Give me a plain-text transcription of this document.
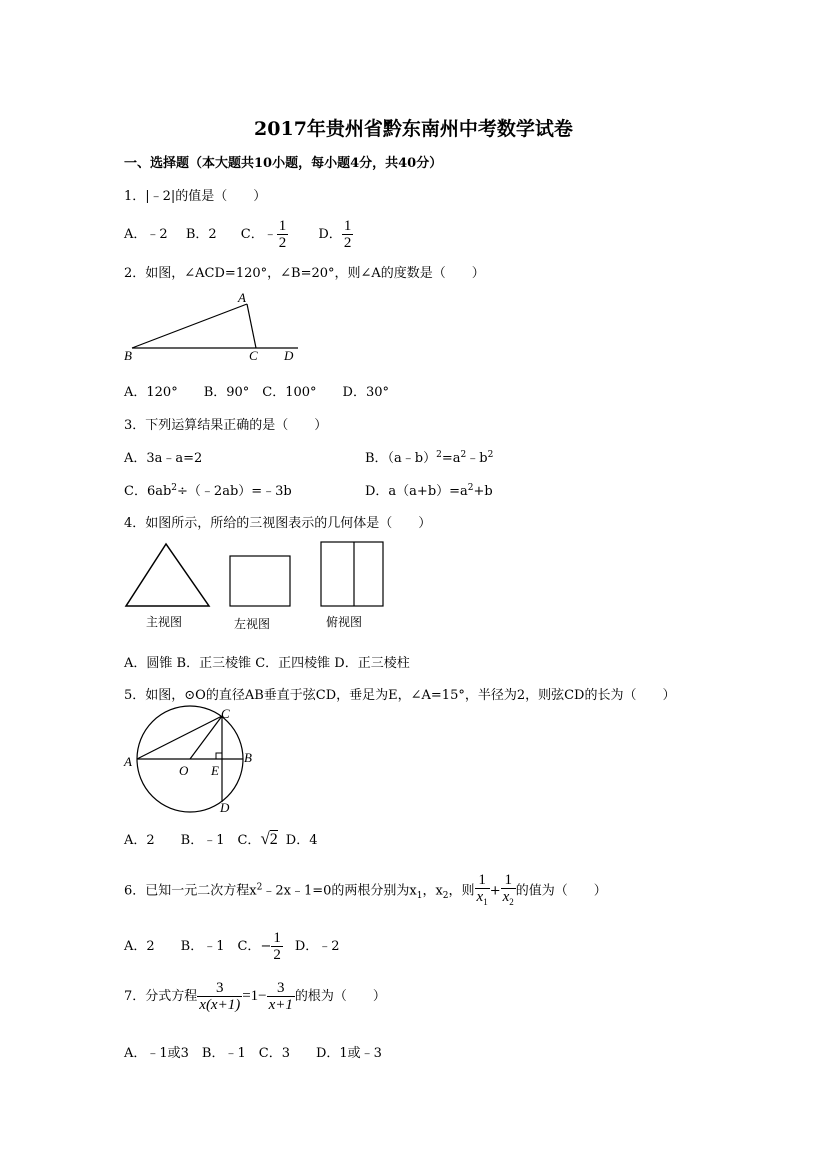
2017年贵州省黔东南州中考数学试卷
一、选择题（本大题共10小题，每小题4分，共40分）
1．|﹣2|的值是（　　）
A．﹣2 B．2 C．﹣ $\frac{1}{2}$ D． $\frac{1}{2}$
2．如图，∠ACD=120°，∠B=20°，则∠A的度数是（　　）
A
B	C D
A．120°　　B．90°　C．100°　　D．30°
3．下列运算结果正确的是（　　）
A．3a﹣a=2	B．$(a﹣b)^2=a^2﹣b^2$
C．$6ab^2\div(﹣2ab)=﹣3b$	D．$a(a+b)=a^2+b$
4．如图所示，所给的三视图表示的几何体是（　　）
主视图	左视图	俯视图
A．圆锥 B．正三棱锥 C．正四棱锥 D．正三棱柱
5．如图，⊙O的直径AB垂直于弦CD，垂足为E，∠A=15°，半径为2，则弦CD的长为（　　）
C
A	B
O E
D
A．2　　B．﹣1　C．√2 D．4
6．已知一元二次方程$x^2﹣2x﹣1=0$的两根分别为$x_1$，$x_2$，则 $\frac{1}{x_1} + \frac{1}{x_2}$ 的值为（　　）
A．2　　B．﹣1　C．− $\frac{1}{2}$ D．﹣2
7．分式方程 $\frac{3}{x(x+1)} =1- \frac{3}{x+1}$ 的根为（　　）
A．﹣1或3　B．﹣1　C．3　　D．1或﹣3
